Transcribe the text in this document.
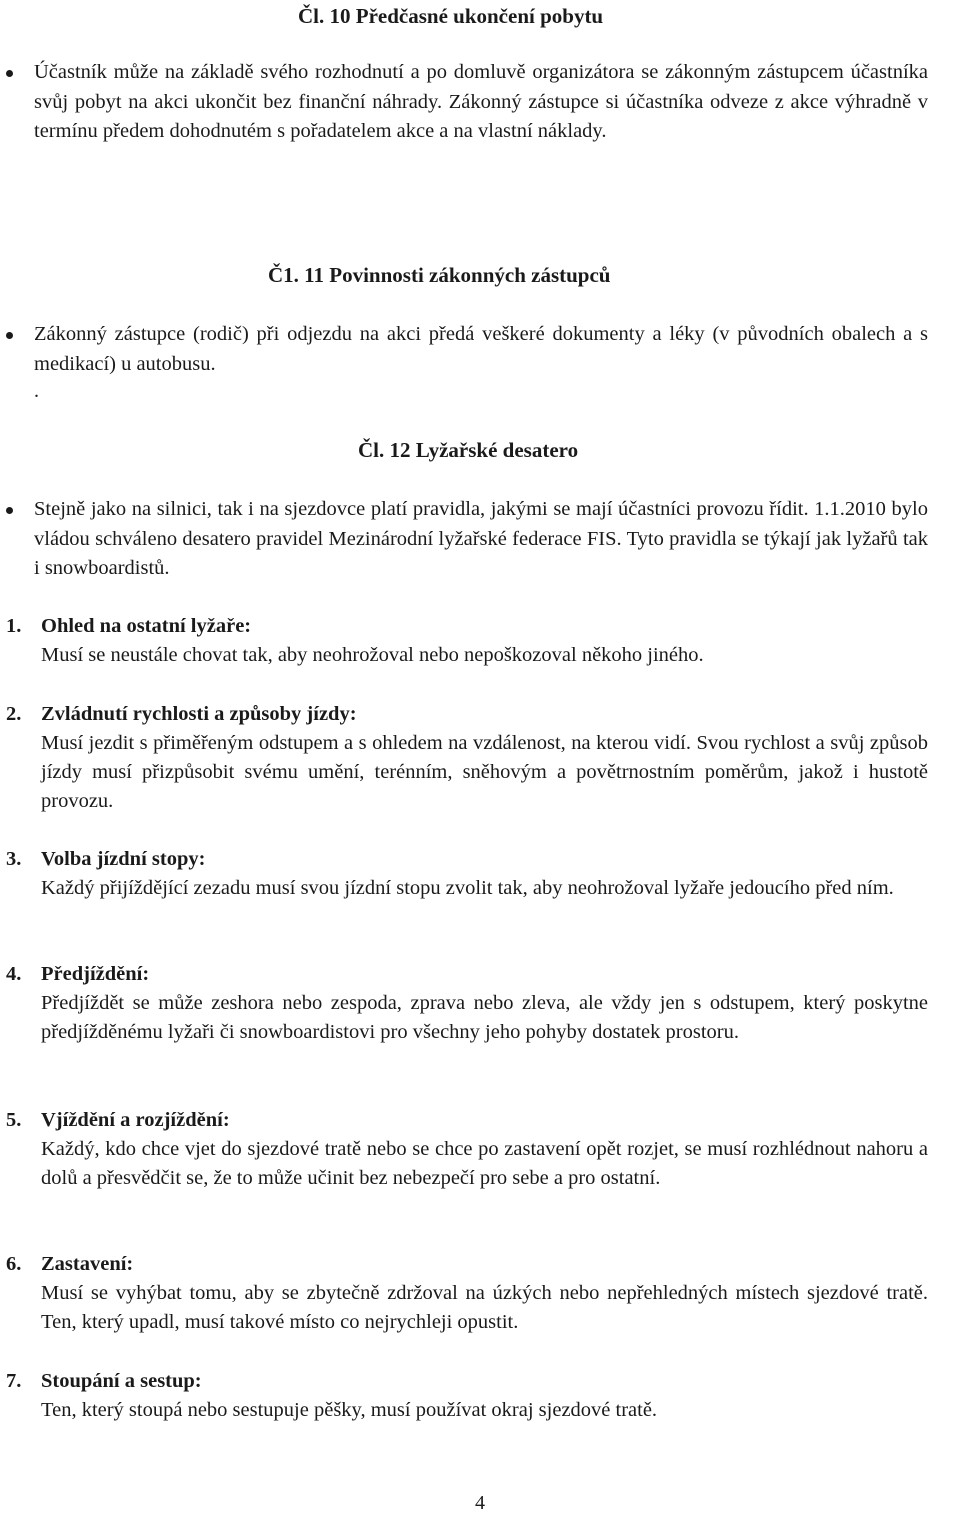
Čl. 10 Předčasné ukončení pobytu
Účastník může na základě svého rozhodnutí a po domluvě organizátora se zákonným zástupcem účastníka svůj pobyt na akci ukončit bez finanční náhrady. Zákonný zástupce si účastníka odveze z akce výhradně v termínu předem dohodnutém s pořadatelem akce a na vlastní náklady.
Č1. 11 Povinnosti zákonných zástupců
Zákonný zástupce (rodič) při odjezdu na akci předá veškeré dokumenty a léky (v původních obalech a s medikací) u autobusu.
.
Čl. 12 Lyžařské desatero
Stejně jako na silnici, tak i na sjezdovce platí pravidla, jakými se mají účastníci provozu řídit. 1.1.2010 bylo vládou schváleno desatero pravidel Mezinárodní lyžařské federace FIS. Tyto pravidla se týkají jak lyžařů tak i snowboardistů.
1. Ohled na ostatní lyžaře:
Musí se neustále chovat tak, aby neohrožoval nebo nepoškozoval někoho jiného.
2. Zvládnutí rychlosti a způsoby jízdy:
Musí jezdit s přiměřeným odstupem a s ohledem na vzdálenost, na kterou vidí. Svou rychlost a svůj způsob jízdy musí přizpůsobit svému umění, terénním, sněhovým a povětrnostním poměrům, jakož i hustotě provozu.
3. Volba jízdní stopy:
Každý přijíždějící zezadu musí svou jízdní stopu zvolit tak, aby neohrožoval lyžaře jedoucího před ním.
4. Předjíždění:
Předjíždět se může zeshora nebo zespoda, zprava nebo zleva, ale vždy jen s odstupem, který poskytne předjížděnému lyžaři či snowboardistovi pro všechny jeho pohyby dostatek prostoru.
5. Vjíždění a rozjíždění:
Každý, kdo chce vjet do sjezdové tratě nebo se chce po zastavení opět rozjet, se musí rozhlédnout nahoru a dolů a přesvědčit se, že to může učinit bez nebezpečí pro sebe a pro ostatní.
6. Zastavení:
Musí se vyhýbat tomu, aby se zbytečně zdržoval na úzkých nebo nepřehledných místech sjezdové tratě. Ten, který upadl, musí takové místo co nejrychleji opustit.
7. Stoupání a sestup:
Ten, který stoupá nebo sestupuje pěšky, musí používat okraj sjezdové tratě.
4
